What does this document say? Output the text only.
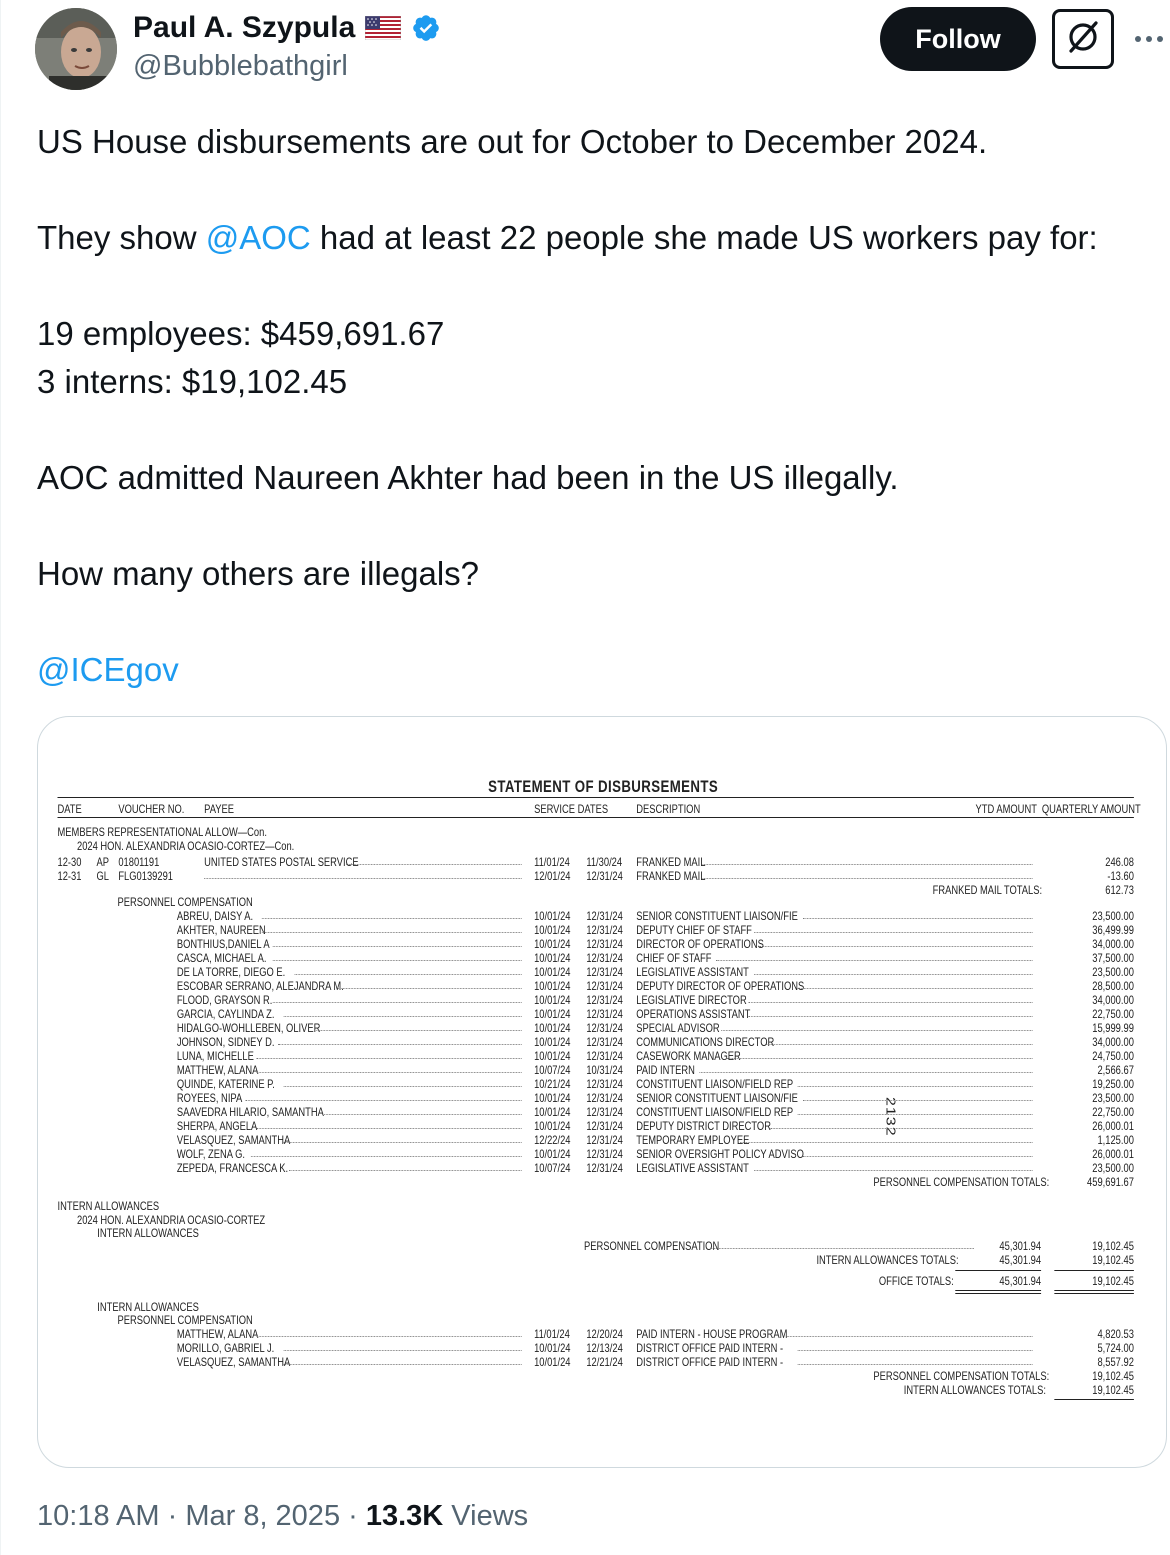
Paul A. Szypula
@Bubblebathgirl
Follow

US House disbursements are out for October to December 2024.

They show @AOC had at least 22 people she made US workers pay for:

19 employees: $459,691.67

3 interns: $19,102.45

AOC admitted Naureen Akhter had been in the US illegally.

How many others are illegals?

@ICEgov

STATEMENT OF DISBURSEMENTS
DATE	VOUCHER NO. PAYEE	SERVICE DATES DESCRIPTION	YTD AMOUNT QUARTERLY AMOUNT
MEMBERS REPRESENTATIONAL ALLOW—Con.
2024 HON. ALEXANDRIA OCASIO-CORTEZ—Con.
2132
12-30 AP 01801191	UNITED STATES POSTAL SERVICE	11/01/24 11/30/24 FRANKED MAIL	246.08
12-31 GL FLG0139291	12/01/24 12/31/24 FRANKED MAIL	-13.60
FRANKED MAIL TOTALS:	612.73
PERSONNEL COMPENSATION
ABREU, DAISY A.	10/01/24 12/31/24 SENIOR CONSTITUENT LIAISON/FIE	23,500.00
AKHTER, NAUREEN	10/01/24 12/31/24 DEPUTY CHIEF OF STAFF	36,499.99
BONTHIUS,DANIEL A	10/01/24 12/31/24 DIRECTOR OF OPERATIONS	34,000.00
CASCA, MICHAEL A.	10/01/24 12/31/24 CHIEF OF STAFF	37,500.00
DE LA TORRE, DIEGO E.	10/01/24 12/31/24 LEGISLATIVE ASSISTANT	23,500.00
ESCOBAR SERRANO, ALEJANDRA M.	10/01/24 12/31/24 DEPUTY DIRECTOR OF OPERATIONS	28,500.00
FLOOD, GRAYSON R.	10/01/24 12/31/24 LEGISLATIVE DIRECTOR	34,000.00
GARCIA, CAYLINDA Z.	10/01/24 12/31/24 OPERATIONS ASSISTANT	22,750.00
HIDALGO-WOHLLEBEN, OLIVER	10/01/24 12/31/24 SPECIAL ADVISOR	15,999.99
JOHNSON, SIDNEY D.	10/01/24 12/31/24 COMMUNICATIONS DIRECTOR	34,000.00
LUNA, MICHELLE	10/01/24 12/31/24 CASEWORK MANAGER	24,750.00
MATTHEW, ALANA	10/07/24 10/31/24 PAID INTERN	2,566.67
QUINDE, KATERINE P.	10/21/24 12/31/24 CONSTITUENT LIAISON/FIELD REP	19,250.00
ROYEES, NIPA	10/01/24 12/31/24 SENIOR CONSTITUENT LIAISON/FIE	23,500.00
SAAVEDRA HILARIO, SAMANTHA	10/01/24 12/31/24 CONSTITUENT LIAISON/FIELD REP	22,750.00
SHERPA, ANGELA	10/01/24 12/31/24 DEPUTY DISTRICT DIRECTOR	26,000.01
VELASQUEZ, SAMANTHA	12/22/24 12/31/24 TEMPORARY EMPLOYEE	1,125.00
WOLF, ZENA G.	10/01/24 12/31/24 SENIOR OVERSIGHT POLICY ADVISO	26,000.01
ZEPEDA, FRANCESCA K.	10/07/24 12/31/24 LEGISLATIVE ASSISTANT	23,500.00
PERSONNEL COMPENSATION TOTALS:	459,691.67
INTERN ALLOWANCES
2024 HON. ALEXANDRIA OCASIO-CORTEZ
INTERN ALLOWANCES
PERSONNEL COMPENSATION	45,301.94	19,102.45
INTERN ALLOWANCES TOTALS:	45,301.94	19,102.45
OFFICE TOTALS:	45,301.94	19,102.45
INTERN ALLOWANCES
PERSONNEL COMPENSATION
MATTHEW, ALANA	11/01/24 12/20/24 PAID INTERN - HOUSE PROGRAM	4,820.53
MORILLO, GABRIEL J.	10/01/24 12/13/24 DISTRICT OFFICE PAID INTERN -	5,724.00
VELASQUEZ, SAMANTHA	10/01/24 12/21/24 DISTRICT OFFICE PAID INTERN -	8,557.92
PERSONNEL COMPENSATION TOTALS:	19,102.45
INTERN ALLOWANCES TOTALS:	19,102.45
10:18 AM · Mar 8, 2025 · 13.3K Views
